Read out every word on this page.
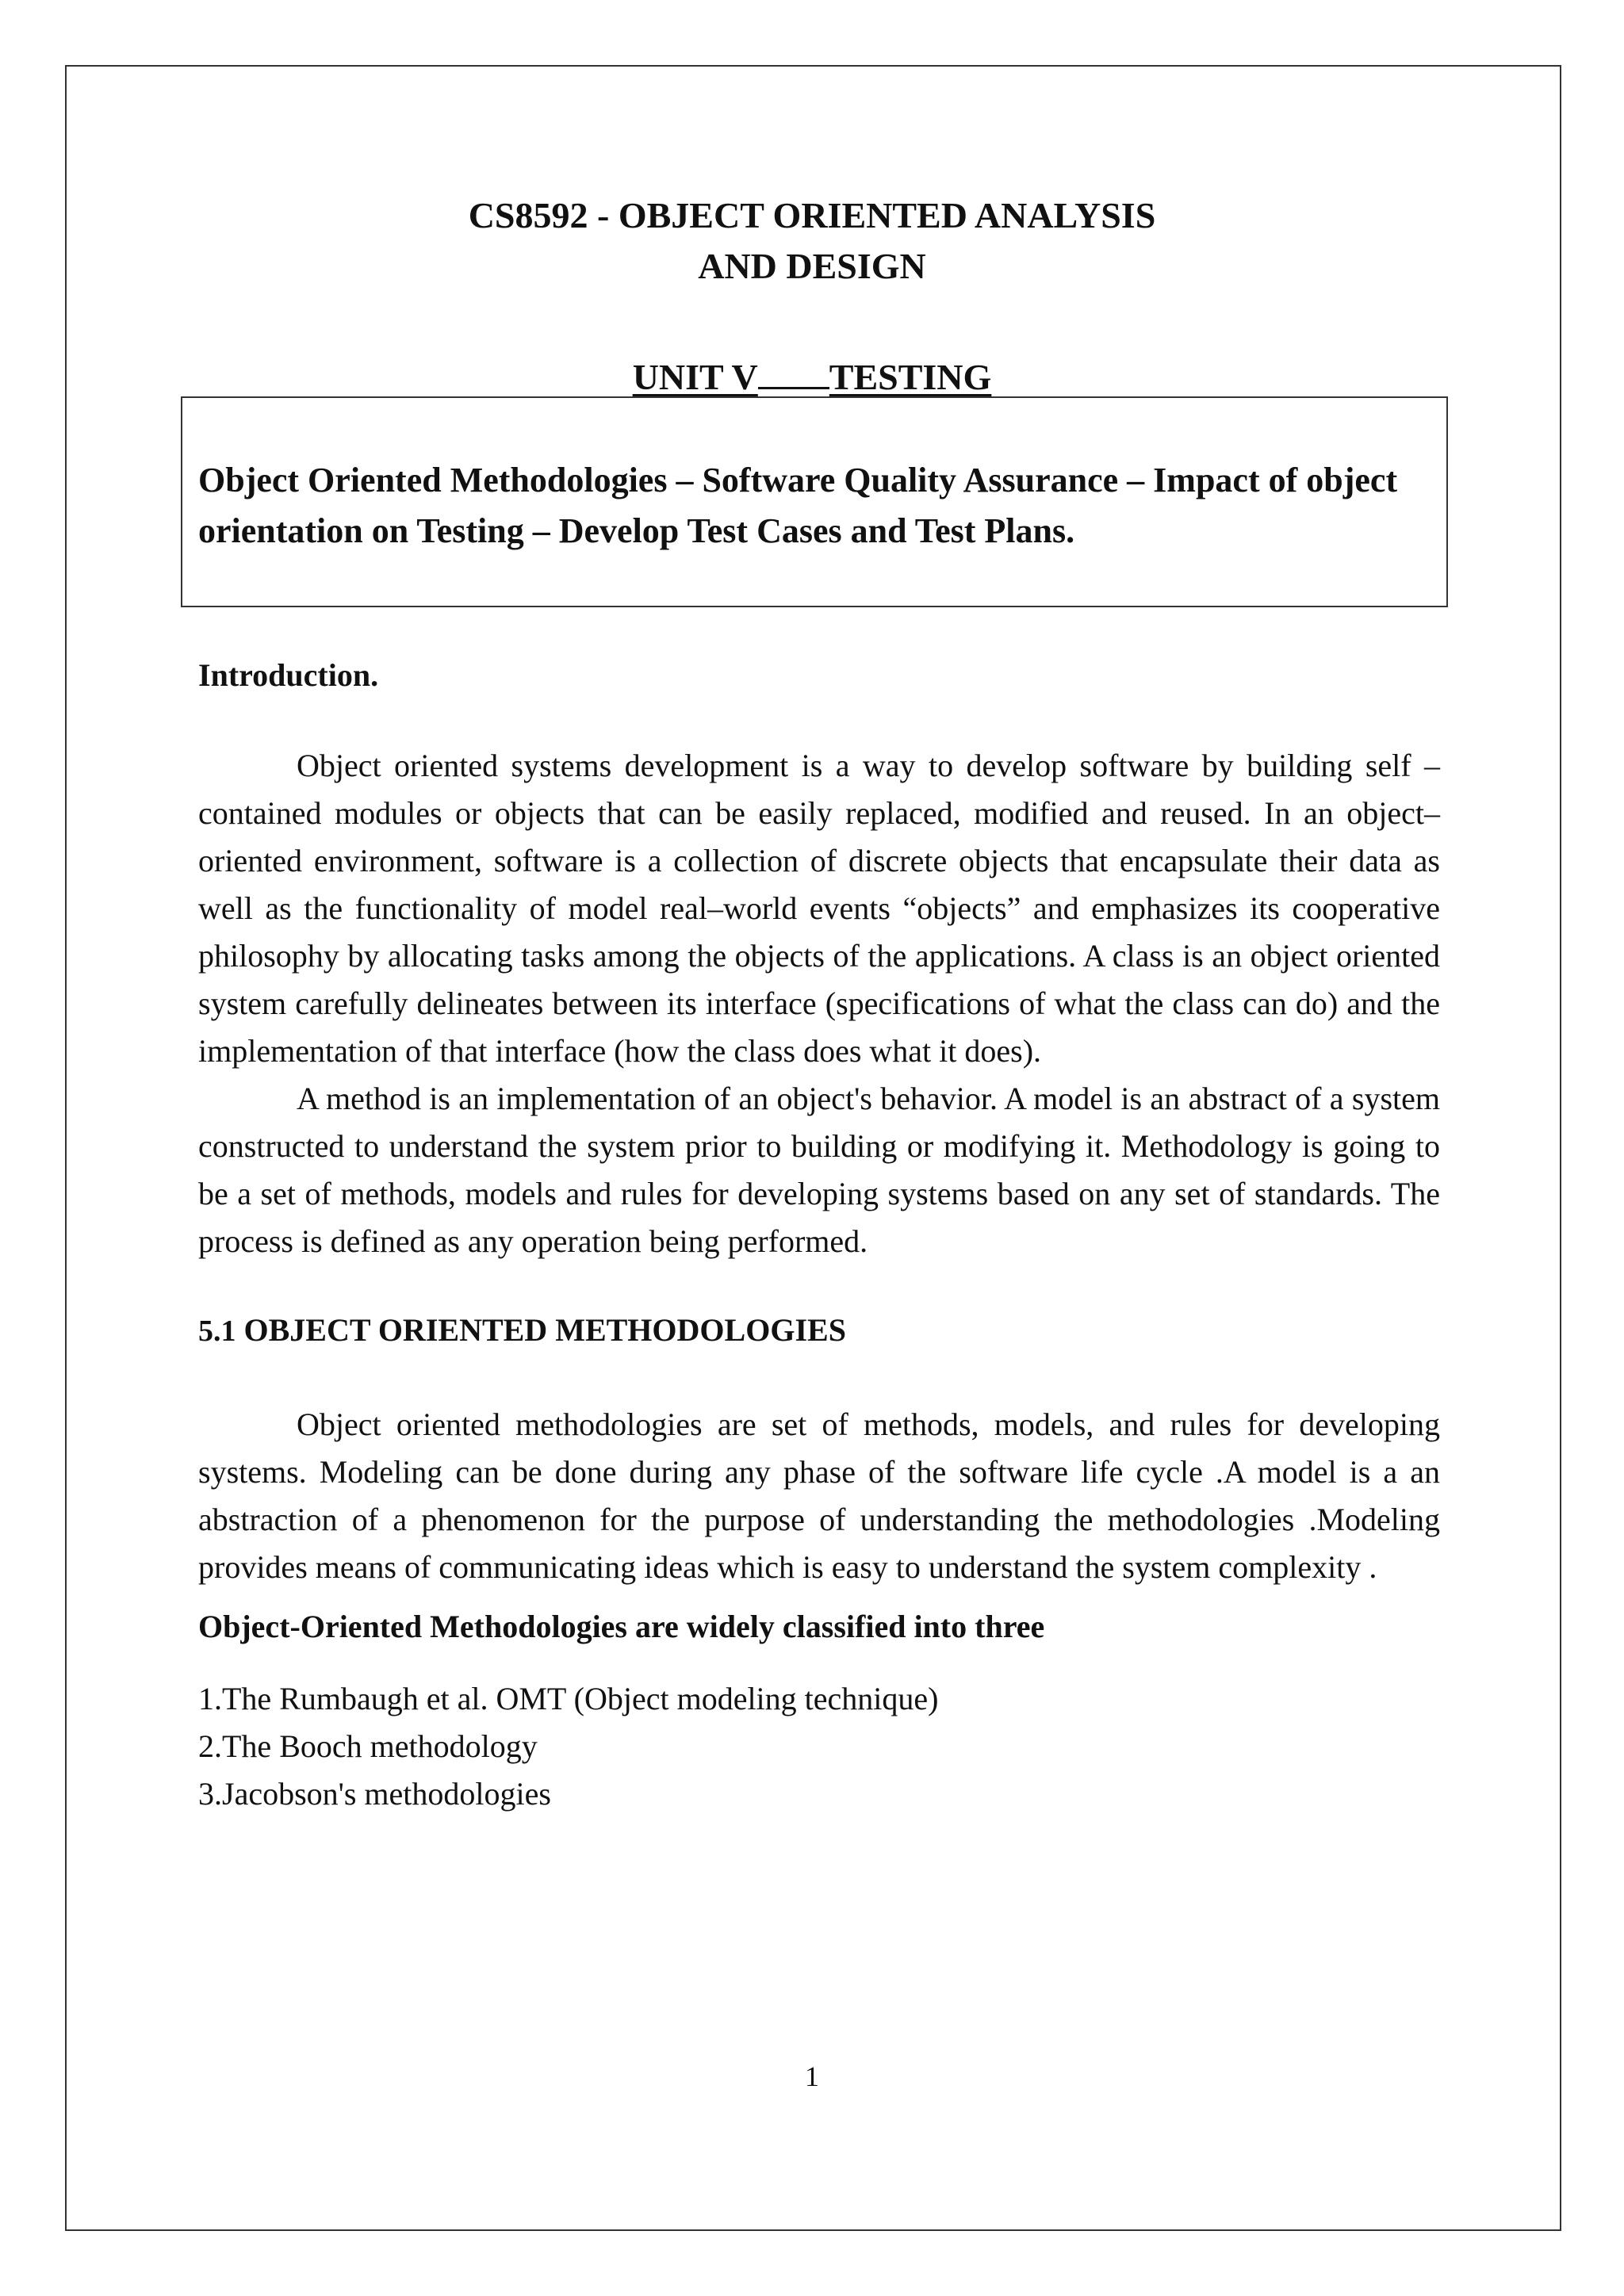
CS8592 - OBJECT ORIENTED ANALYSIS
AND DESIGN
UNIT V TESTING
Object Oriented Methodologies – Software Quality Assurance – Impact of object orientation on Testing – Develop Test Cases and Test Plans.

Introduction.

Object oriented systems development is a way to develop software by building self – contained modules or objects that can be easily replaced, modified and reused. In an object–oriented environment, software is a collection of discrete objects that encapsulate their data as well as the functionality of model real–world events “objects” and emphasizes its cooperative philosophy by allocating tasks among the objects of the applications. A class is an object oriented system carefully delineates between its interface (specifications of what the class can do) and the implementation of that interface (how the class does what it does).

A method is an implementation of an object's behavior. A model is an abstract of a system constructed to understand the system prior to building or modifying it. Methodology is going to be a set of methods, models and rules for developing systems based on any set of standards. The process is defined as any operation being performed.

5.1 OBJECT ORIENTED METHODOLOGIES

Object oriented methodologies are set of methods, models, and rules for developing systems. Modeling can be done during any phase of the software life cycle .A model is a an abstraction of a phenomenon for the purpose of understanding the methodologies .Modeling provides means of communicating ideas which is easy to understand the system complexity .

Object-Oriented Methodologies are widely classified into three

1.The Rumbaugh et al. OMT (Object modeling technique)

2.The Booch methodology

3.Jacobson's methodologies

1
